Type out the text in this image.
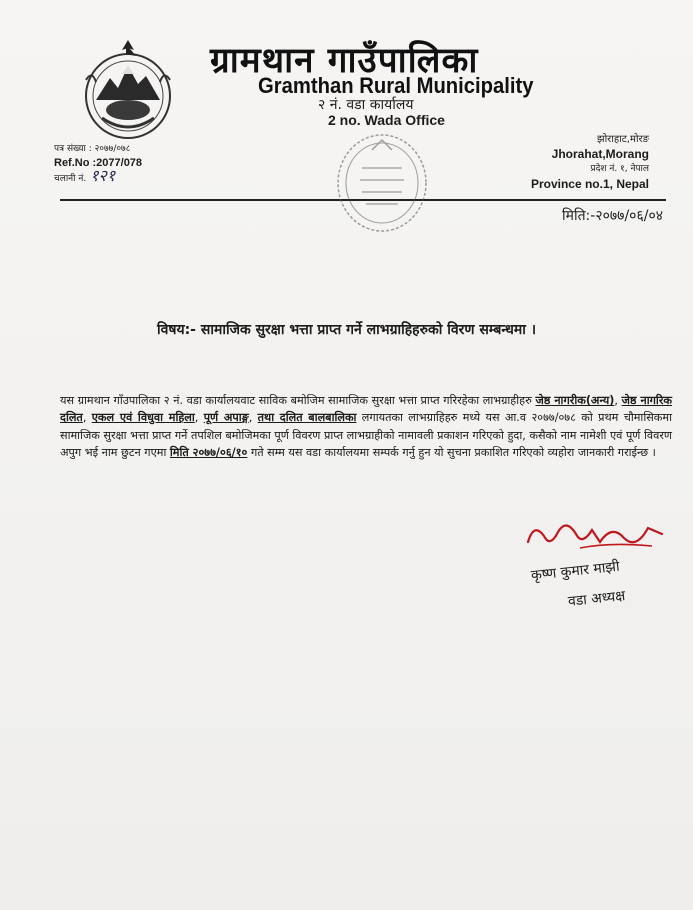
ग्रामथान गाउँपालिका
Gramthan Rural Municipality
२ नं. वडा कार्यालय
2 no. Wada Office
पत्र संख्या : २०७७/०७८
Ref.No :2077/078
चलानी नं. १२१
झोराहाट,मोरङ
Jhorahat,Morang
प्रदेश नं. १, नेपाल
Province no.1, Nepal
मिति:-२०७७/०६/०४
विषय:- सामाजिक सुरक्षा भत्ता प्राप्त गर्ने लाभग्राहिहरुको विरण सम्बन्धमा ।
यस ग्रामथान गाँउपालिका २ नं. वडा कार्यालयवाट साविक बमोजिम सामाजिक सुरक्षा भत्ता प्राप्त गरिरहेका लाभग्राहीहरु जेष्ठ नागरीक(अन्य), जेष्ठ नागरिक दलित, एकल एवं विधुवा महिला, पूर्ण अपाङ्ग, तथा दलित बालबालिका लगायतका लाभग्राहिहरु मध्ये यस आ.व २०७७/०७८ को प्रथम चौमासिकमा सामाजिक सुरक्षा भत्ता प्राप्त गर्ने तपशिल बमोजिमका पूर्ण विवरण प्राप्त लाभग्राहीको नामावली प्रकाशन गरिएको हुदा, कसैको नाम नामेशी एवं पूर्ण विवरण अपुग भई नाम छुटन गएमा मिति २०७७/०६/१० गते सम्म यस वडा कार्यालयमा सम्पर्क गर्नु हुन यो सुचना प्रकाशित गरिएको व्यहोरा जानकारी गराईन्छ ।
कृष्ण कुमार माझी
वडा अध्यक्ष
